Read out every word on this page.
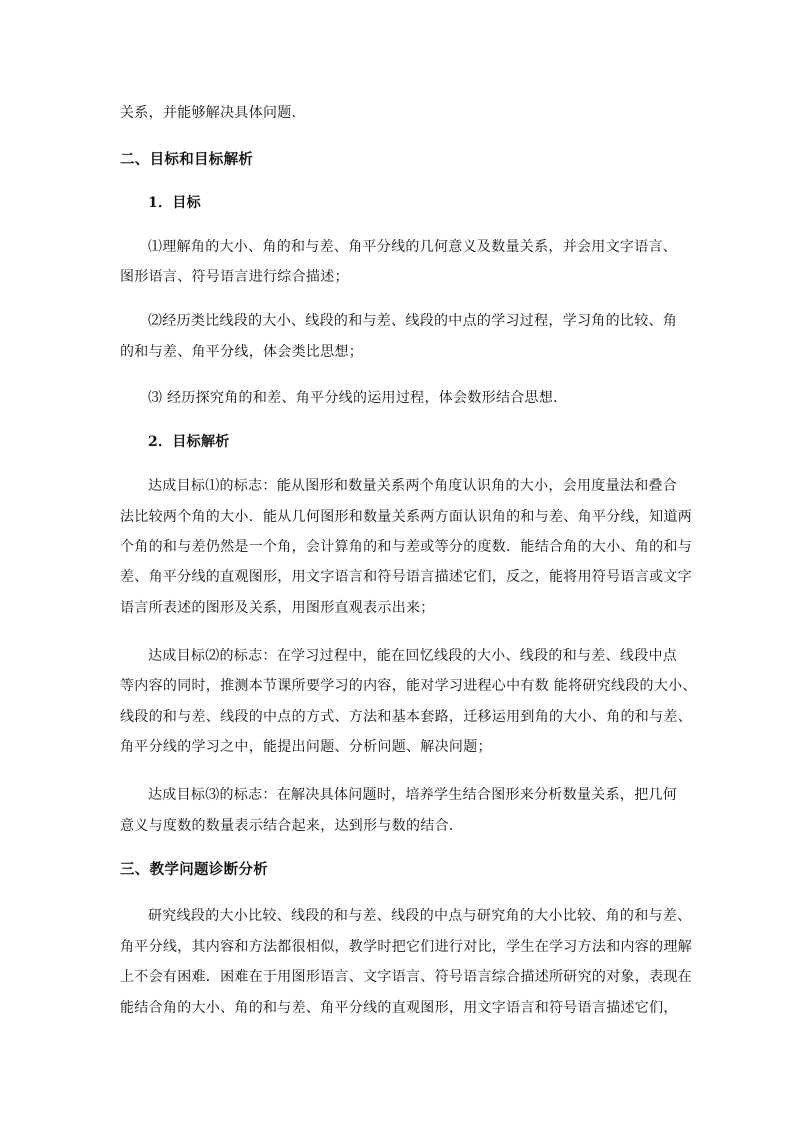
关系，并能够解决具体问题．
二、目标和目标解析
1．目标
⑴理解角的大小、角的和与差、角平分线的几何意义及数量关系，并会用文字语言、
图形语言、符号语言进行综合描述；
⑵经历类比线段的大小、线段的和与差、线段的中点的学习过程，学习角的比较、角
的和与差、角平分线，体会类比思想；
⑶ 经历探究角的和差、角平分线的运用过程，体会数形结合思想．
2．目标解析
达成目标⑴的标志：能从图形和数量关系两个角度认识角的大小，会用度量法和叠合
法比较两个角的大小．能从几何图形和数量关系两方面认识角的和与差、角平分线，知道两
个角的和与差仍然是一个角，会计算角的和与差或等分的度数．能结合角的大小、角的和与
差、角平分线的直观图形，用文字语言和符号语言描述它们，反之，能将用符号语言或文字
语言所表述的图形及关系，用图形直观表示出来；
达成目标⑵的标志：在学习过程中，能在回忆线段的大小、线段的和与差、线段中点
等内容的同时，推测本节课所要学习的内容，能对学习进程心中有数 能将研究线段的大小、
线段的和与差、线段的中点的方式、方法和基本套路，迁移运用到角的大小、角的和与差、
角平分线的学习之中，能提出问题、分析问题、解决问题；
达成目标⑶的标志：在解决具体问题时，培养学生结合图形来分析数量关系，把几何
意义与度数的数量表示结合起来，达到形与数的结合．
三、教学问题诊断分析
研究线段的大小比较、线段的和与差、线段的中点与研究角的大小比较、角的和与差、
角平分线，其内容和方法都很相似，教学时把它们进行对比，学生在学习方法和内容的理解
上不会有困难．困难在于用图形语言、文字语言、符号语言综合描述所研究的对象，表现在
能结合角的大小、角的和与差、角平分线的直观图形，用文字语言和符号语言描述它们，
